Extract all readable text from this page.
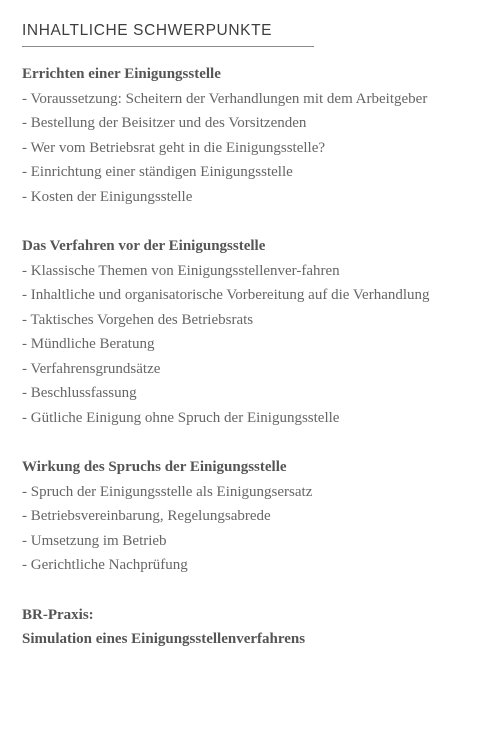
INHALTLICHE SCHWERPUNKTE
Errichten einer Einigungsstelle
- Voraussetzung: Scheitern der Verhandlungen mit dem Arbeitgeber
- Bestellung der Beisitzer und des Vorsitzenden
- Wer vom Betriebsrat geht in die Einigungsstelle?
- Einrichtung einer ständigen Einigungsstelle
- Kosten der Einigungsstelle
Das Verfahren vor der Einigungsstelle
- Klassische Themen von Einigungsstellenver-fahren
- Inhaltliche und organisatorische Vorbereitung auf die Verhandlung
- Taktisches Vorgehen des Betriebsrats
- Mündliche Beratung
- Verfahrensgrundsätze
- Beschlussfassung
- Gütliche Einigung ohne Spruch der Einigungsstelle
Wirkung des Spruchs der Einigungsstelle
- Spruch der Einigungsstelle als Einigungsersatz
- Betriebsvereinbarung, Regelungsabrede
- Umsetzung im Betrieb
- Gerichtliche Nachprüfung
BR-Praxis:
Simulation eines Einigungsstellenverfahrens
